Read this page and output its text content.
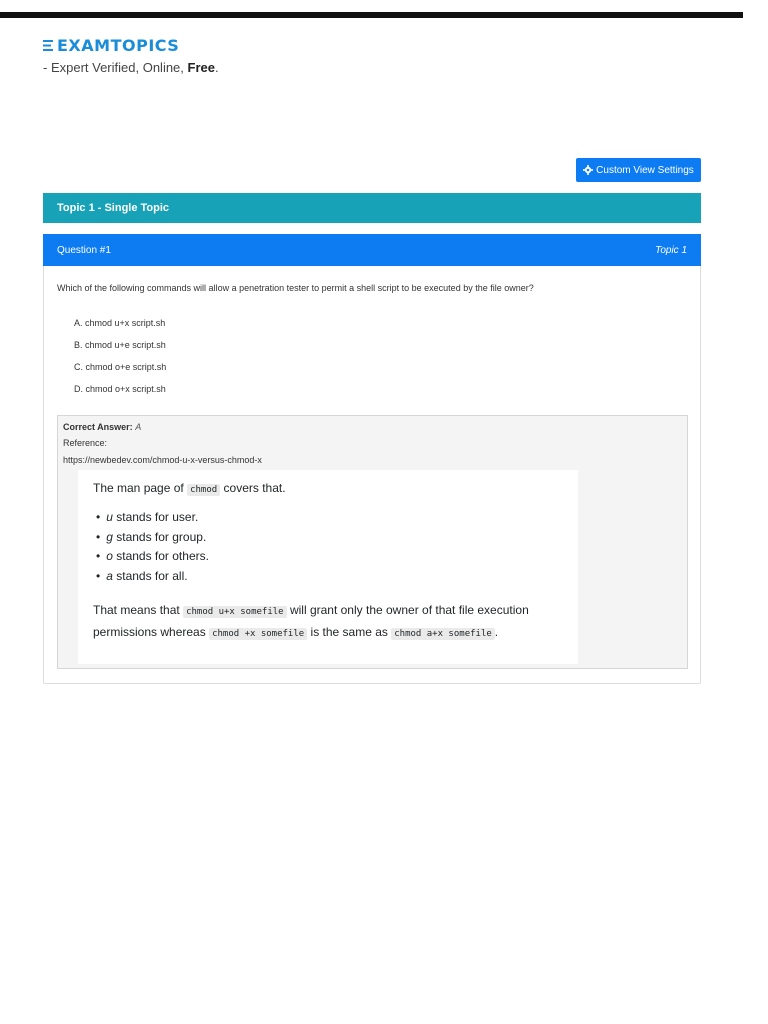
EXAMTOPICS
- Expert Verified, Online, Free.
Custom View Settings
Topic 1 - Single Topic
Question #1	Topic 1
Which of the following commands will allow a penetration tester to permit a shell script to be executed by the file owner?
A. chmod u+x script.sh
B. chmod u+e script.sh
C. chmod o+e script.sh
D. chmod o+x script.sh
Correct Answer: A
Reference:
https://newbedev.com/chmod-u-x-versus-chmod-x
The man page of chmod covers that.
• u stands for user.
• g stands for group.
• o stands for others.
• a stands for all.
That means that chmod u+x somefile will grant only the owner of that file execution permissions whereas chmod +x somefile is the same as chmod a+x somefile .
